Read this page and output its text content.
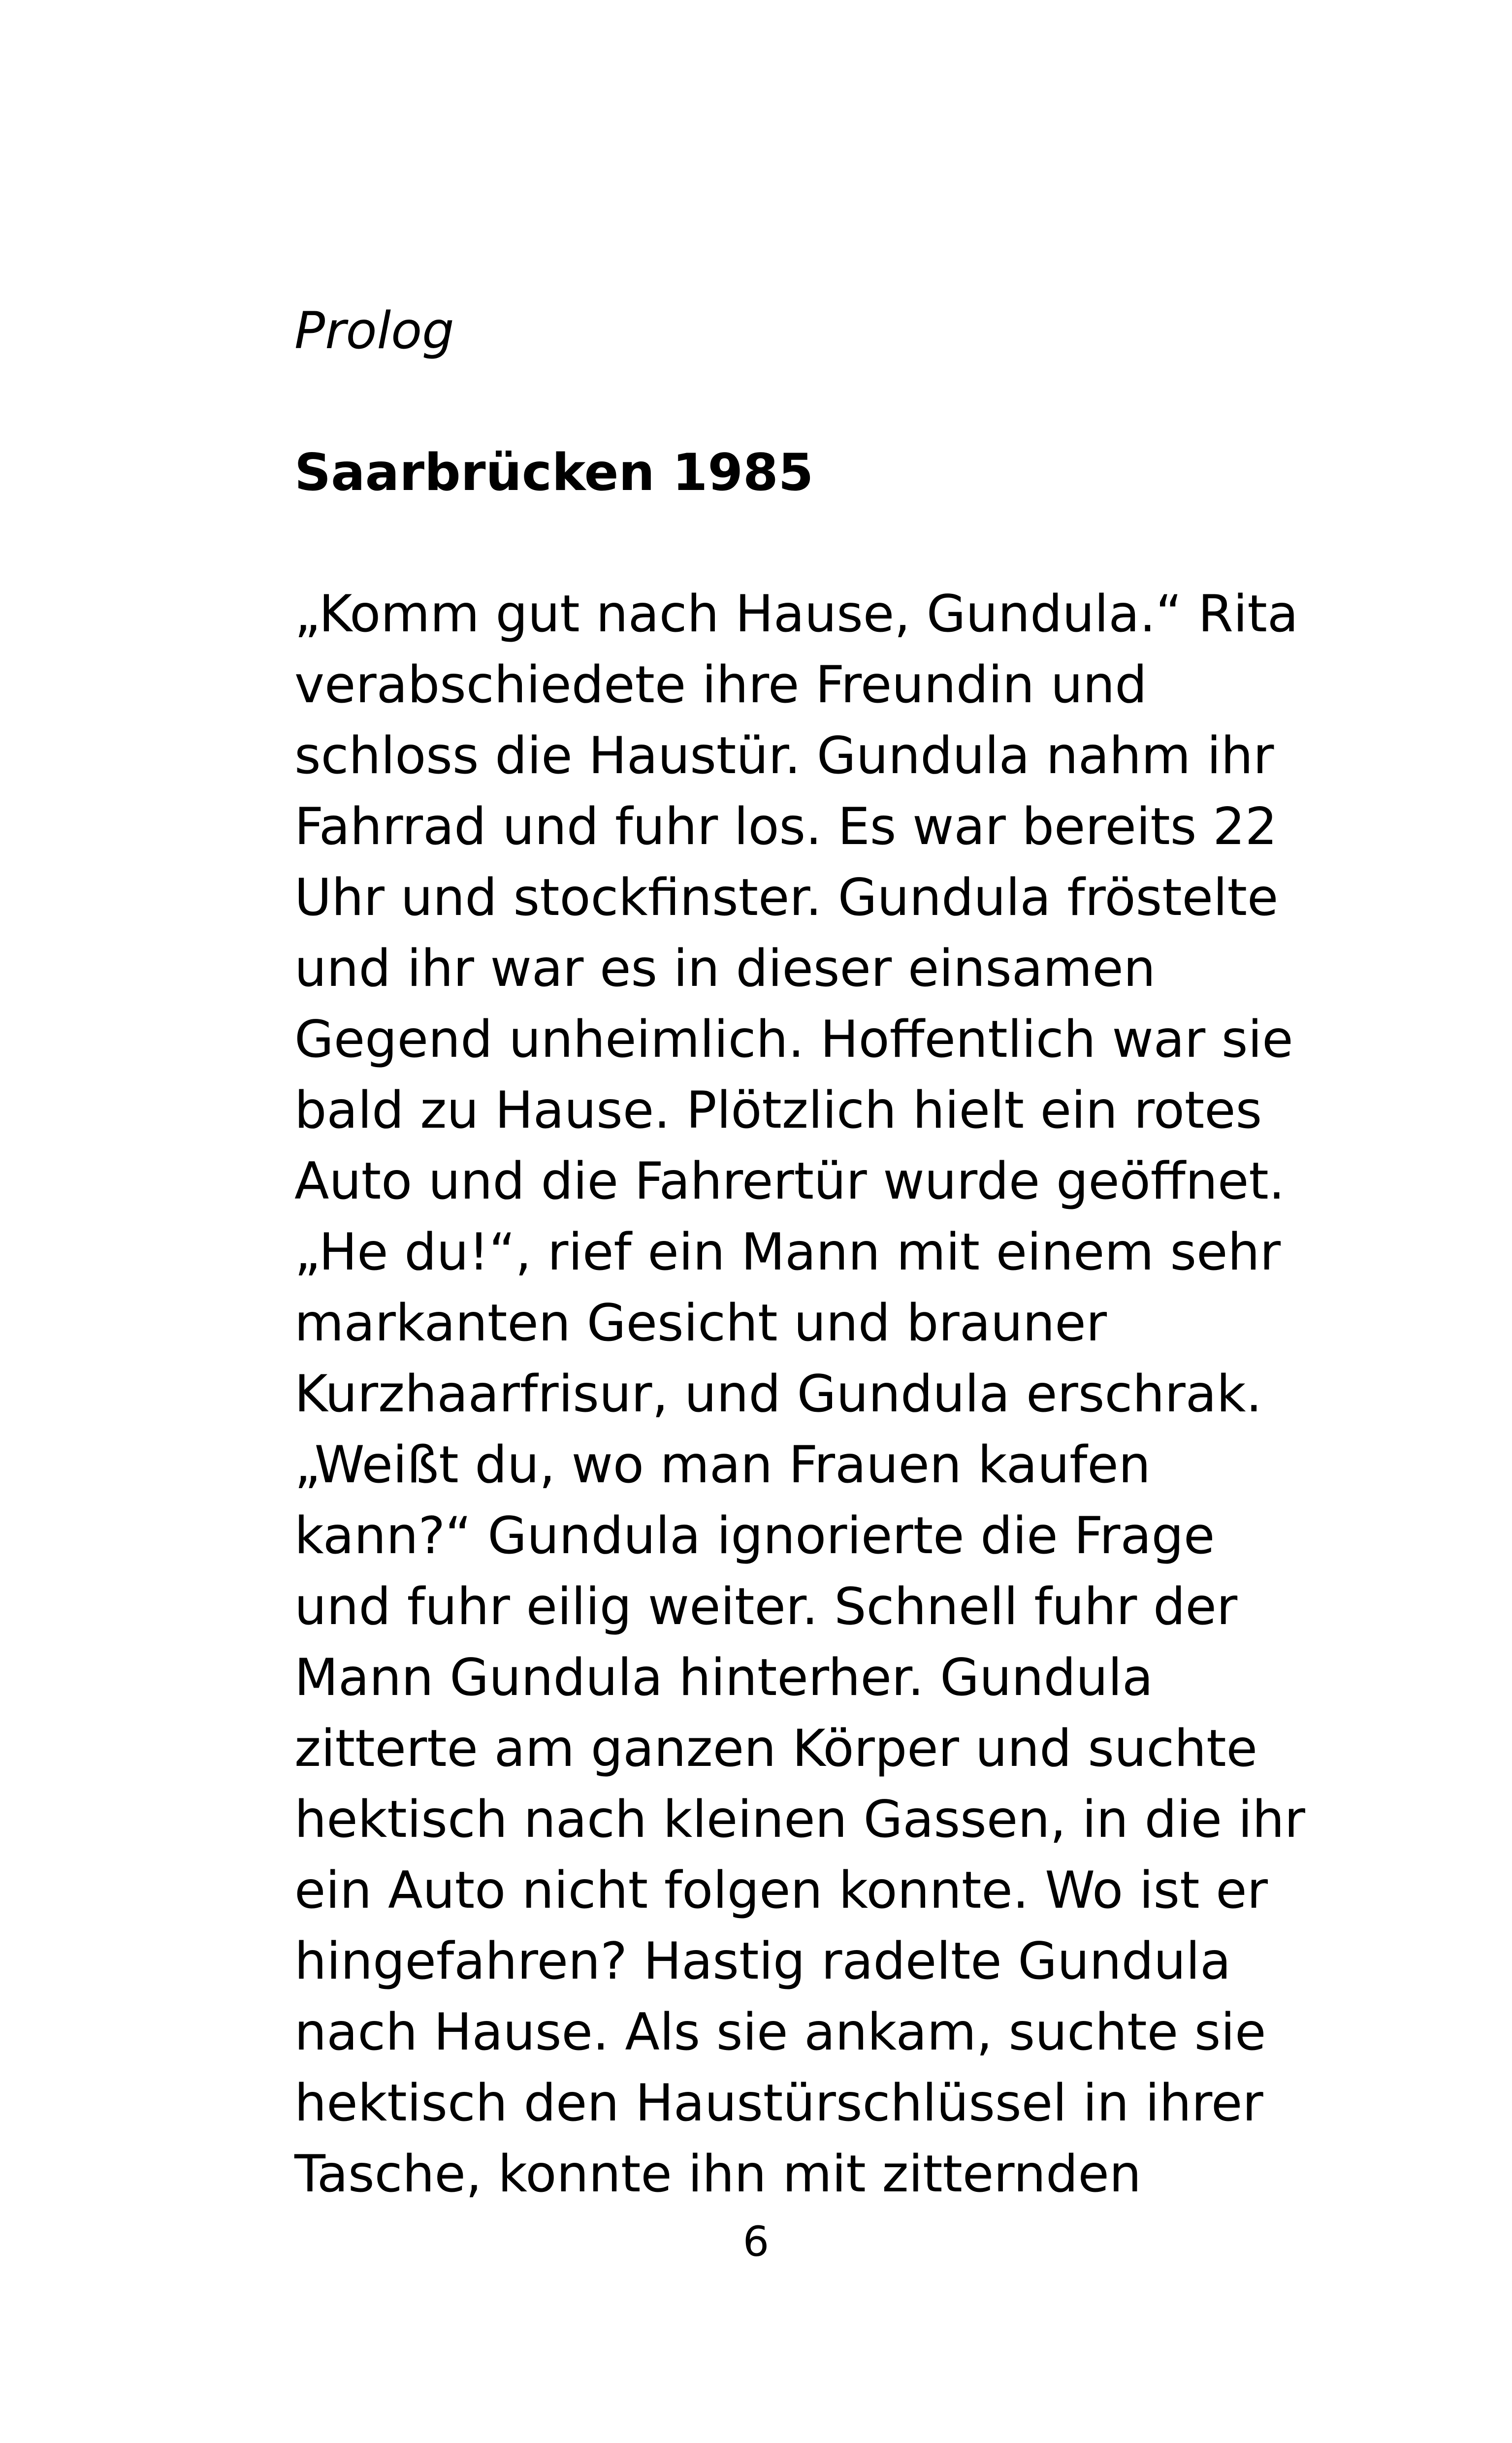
Prolog
Saarbrücken 1985
„Komm gut nach Hause, Gundula.“ Rita
verabschiedete ihre Freundin und
schloss die Haustür. Gundula nahm ihr
Fahrrad und fuhr los. Es war bereits 22
Uhr und stockfinster. Gundula fröstelte
und ihr war es in dieser einsamen
Gegend unheimlich. Hoffentlich war sie
bald zu Hause. Plötzlich hielt ein rotes
Auto und die Fahrertür wurde geöffnet.
„He du!“, rief ein Mann mit einem sehr
markanten Gesicht und brauner
Kurzhaarfrisur, und Gundula erschrak.
„Weißt du, wo man Frauen kaufen
kann?“ Gundula ignorierte die Frage
und fuhr eilig weiter. Schnell fuhr der
Mann Gundula hinterher. Gundula
zitterte am ganzen Körper und suchte
hektisch nach kleinen Gassen, in die ihr
ein Auto nicht folgen konnte. Wo ist er
hingefahren? Hastig radelte Gundula
nach Hause. Als sie ankam, suchte sie
hektisch den Haustürschlüssel in ihrer
Tasche, konnte ihn mit zitternden
6
